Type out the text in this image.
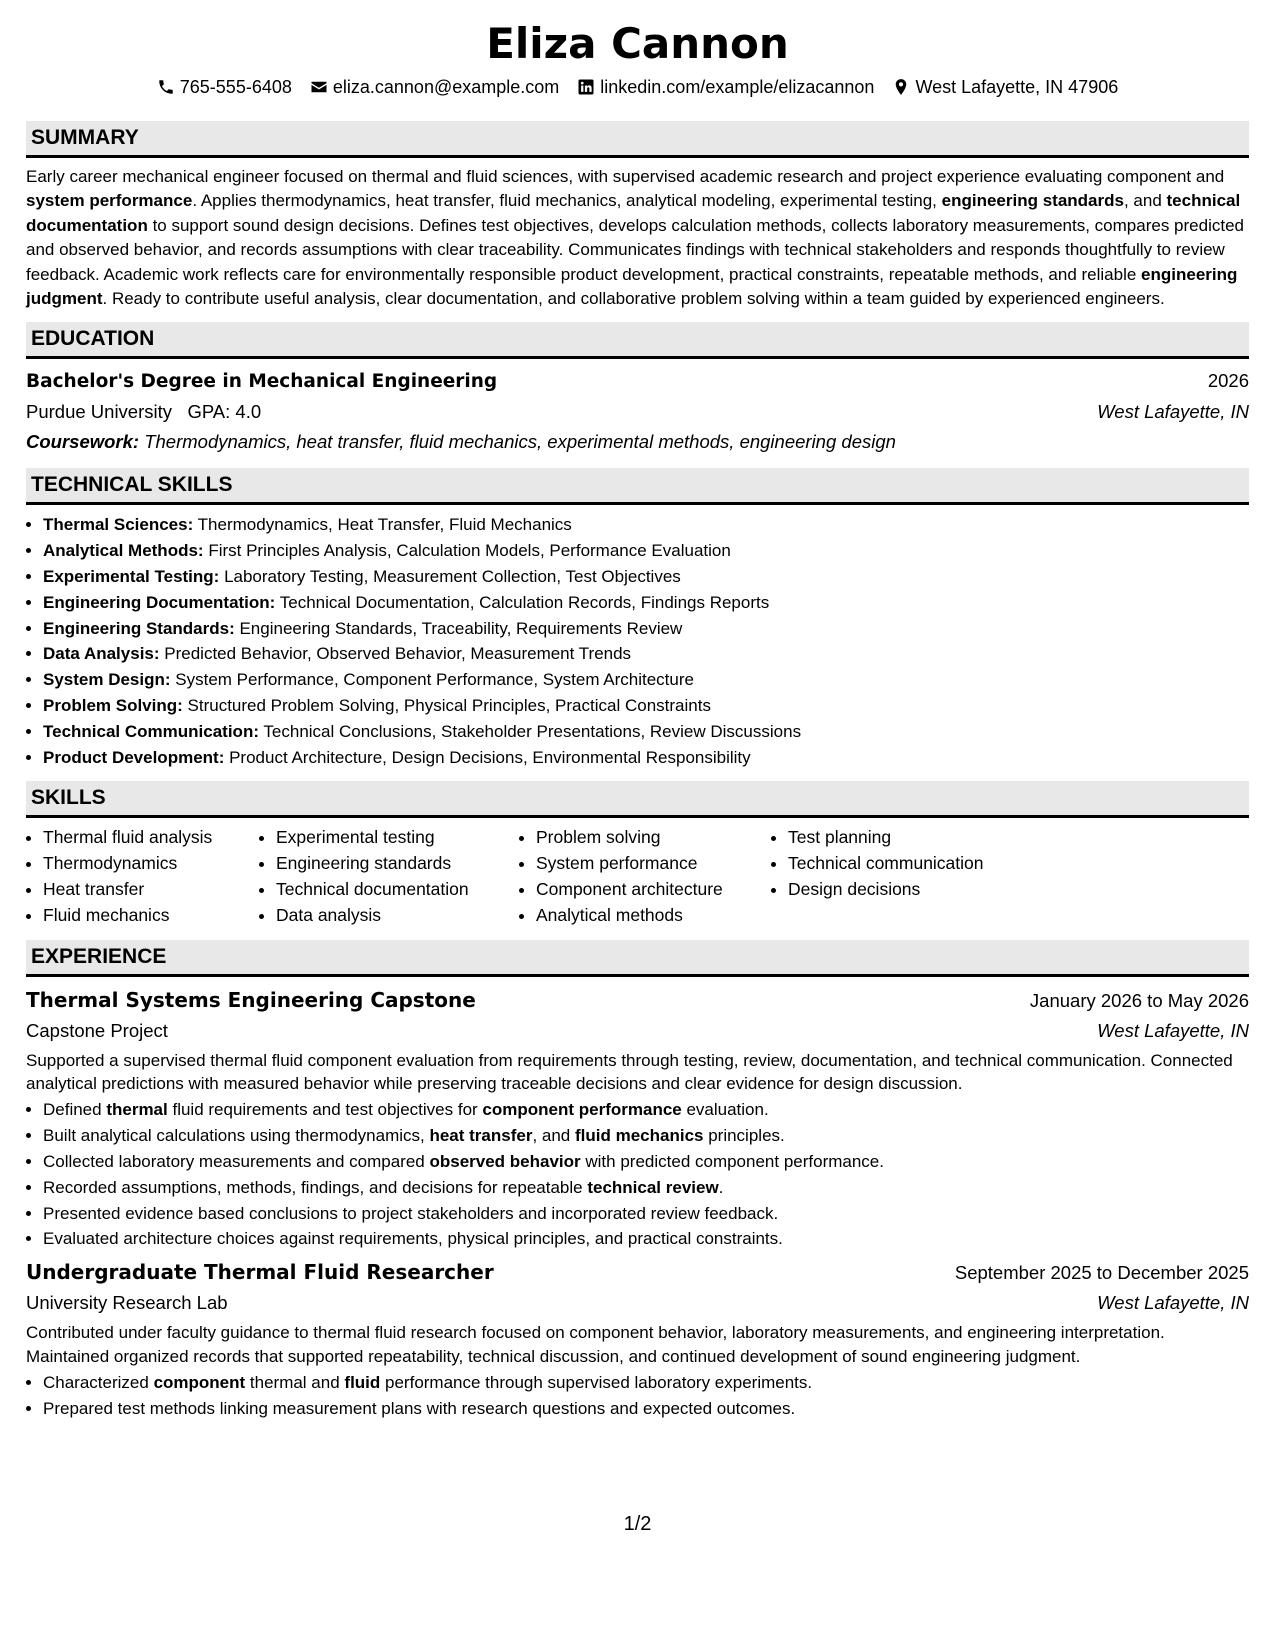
Eliza Cannon
765-555-6408 eliza.cannon@example.com linkedin.com/example/elizacannon West Lafayette, IN 47906
SUMMARY

Early career mechanical engineer focused on thermal and fluid sciences, with supervised academic research and project experience evaluating component and system performance. Applies thermodynamics, heat transfer, fluid mechanics, analytical modeling, experimental testing, engineering standards, and technical documentation to support sound design decisions. Defines test objectives, develops calculation methods, collects laboratory measurements, compares predicted and observed behavior, and records assumptions with clear traceability. Communicates findings with technical stakeholders and responds thoughtfully to review feedback. Academic work reflects care for environmentally responsible product development, practical constraints, repeatable methods, and reliable engineering judgment. Ready to contribute useful analysis, clear documentation, and collaborative problem solving within a team guided by experienced engineers.

EDUCATION
Bachelor's Degree in Mechanical Engineering	2026
Purdue University GPA: 4.0	West Lafayette, IN
Coursework: Thermodynamics, heat transfer, fluid mechanics, experimental methods, engineering design
TECHNICAL SKILLS
• Thermal Sciences: Thermodynamics, Heat Transfer, Fluid Mechanics
• Analytical Methods: First Principles Analysis, Calculation Models, Performance Evaluation
• Experimental Testing: Laboratory Testing, Measurement Collection, Test Objectives
• Engineering Documentation: Technical Documentation, Calculation Records, Findings Reports
• Engineering Standards: Engineering Standards, Traceability, Requirements Review
• Data Analysis: Predicted Behavior, Observed Behavior, Measurement Trends
• System Design: System Performance, Component Performance, System Architecture
• Problem Solving: Structured Problem Solving, Physical Principles, Practical Constraints
• Technical Communication: Technical Conclusions, Stakeholder Presentations, Review Discussions
• Product Development: Product Architecture, Design Decisions, Environmental Responsibility
SKILLS
• Thermal fluid analysis
• Thermodynamics
• Heat transfer
• Fluid mechanics
• Experimental testing
• Engineering standards
• Technical documentation
• Data analysis
• Problem solving
• System performance
• Component architecture
• Analytical methods
• Test planning
• Technical communication
• Design decisions
EXPERIENCE
Thermal Systems Engineering Capstone	January 2026 to May 2026
Capstone Project	West Lafayette, IN

Supported a supervised thermal fluid component evaluation from requirements through testing, review, documentation, and technical communication. Connected analytical predictions with measured behavior while preserving traceable decisions and clear evidence for design discussion.

• Defined thermal fluid requirements and test objectives for component performance evaluation.
• Built analytical calculations using thermodynamics, heat transfer, and fluid mechanics principles.
• Collected laboratory measurements and compared observed behavior with predicted component performance.
• Recorded assumptions, methods, findings, and decisions for repeatable technical review.
• Presented evidence based conclusions to project stakeholders and incorporated review feedback.
• Evaluated architecture choices against requirements, physical principles, and practical constraints.
Undergraduate Thermal Fluid Researcher	September 2025 to December 2025
University Research Lab	West Lafayette, IN

Contributed under faculty guidance to thermal fluid research focused on component behavior, laboratory measurements, and engineering interpretation. Maintained organized records that supported repeatability, technical discussion, and continued development of sound engineering judgment.

• Characterized component thermal and fluid performance through supervised laboratory experiments.
• Prepared test methods linking measurement plans with research questions and expected outcomes.
1/2
